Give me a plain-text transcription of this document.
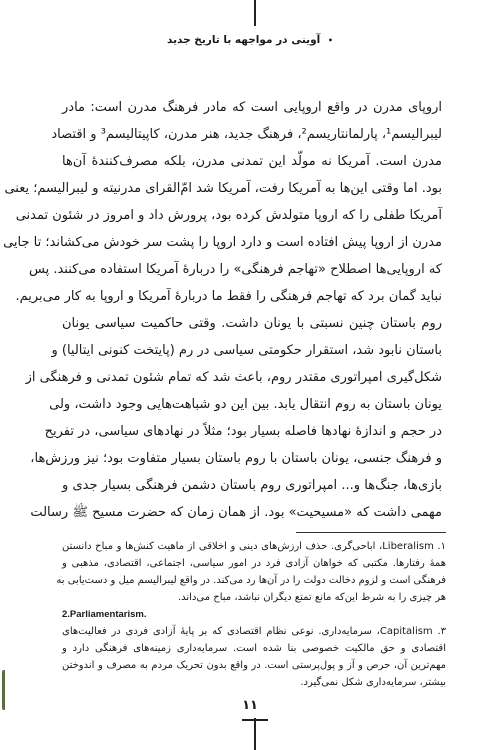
• آوینی در مواجهه با تاریخ جدید
اروپای مدرن در واقع اروپایی است که مادر فرهنگ مدرن است: مادر
لیبرالیسم¹، پارلمانتاریسم²، فرهنگ جدید، هنر مدرن، کاپیتالیسم³ و اقتصاد
مدرن است. آمریکا نه مولّد این تمدنی مدرن، بلکه مصرف‌کنندهٔ آن‌ها
بود. اما وقتی این‌ها به آمریکا رفت، آمریکا شد امّ‌القرای مدرنیته و لیبرالیسم؛ یعنی
آمریکا طفلی را که اروپا متولدش کرده بود، پرورش داد و امروز در شئون تمدنی
مدرن از اروپا پیش افتاده است و دارد اروپا را پشت سر خودش می‌کشاند؛ تا جایی
که اروپایی‌ها اصطلاح «تهاجم فرهنگی» را دربارهٔ آمریکا استفاده می‌کنند. پس
نباید گمان برد که تهاجم فرهنگی را فقط ما دربارهٔ آمریکا و اروپا به کار می‌بریم.
روم باستان چنین نسبتی با یونان داشت. وقتی حاکمیت سیاسی یونان
باستان نابود شد، استقرار حکومتی سیاسی در رم (پایتخت کنونی ایتالیا) و
شکل‌گیری امپراتوری مقتدر روم، باعث شد که تمام شئون تمدنی و فرهنگی از
یونان باستان به روم انتقال یابد. بین این دو شباهت‌هایی وجود داشت، ولی
در حجم و اندازهٔ نهادها فاصله بسیار بود؛ مثلاً در نهادهای سیاسی، در تفریح
و فرهنگ جنسی، یونان باستان با روم باستان بسیار متفاوت بود؛ نیز ورزش‌ها،
بازی‌ها، جنگ‌ها و... امپراتوری روم باستان دشمن فرهنگی بسیار جدی و
مهمی داشت که «مسیحیت» بود. از همان زمان که حضرت مسیح ﷺ رسالت
۱. Liberalism، اباحی‌گری. حذف ارزش‌های دینی و اخلاقی از ماهیت کنش‌ها و مباح دانستن
همهٔ رفتارها. مکتبی که خواهان آزادی فرد در امور سیاسی، اجتماعی، اقتصادی، مذهبی و
فرهنگی است و لزوم دخالت دولت را در آن‌ها رد می‌کند. در واقع لیبرالیسم میل و دست‌یابی به
هر چیزی را به شرط این‌که مانع تمتع دیگران نباشد، مباح می‌داند.
2.Parliamentarism.
۳. Capitalism، سرمایه‌داری. نوعی نظام اقتصادی که بر پایهٔ آزادی فردی در فعالیت‌های
اقتصادی و حق مالکیت خصوصی بنا شده است. سرمایه‌داری زمینه‌های فرهنگی دارد و
مهم‌ترین آن، حرص و آز و پول‌پرستی است. در واقع بدون تحریک مردم به مصرف و اندوختن
بیشتر، سرمایه‌داری شکل نمی‌گیرد.
۱۱
